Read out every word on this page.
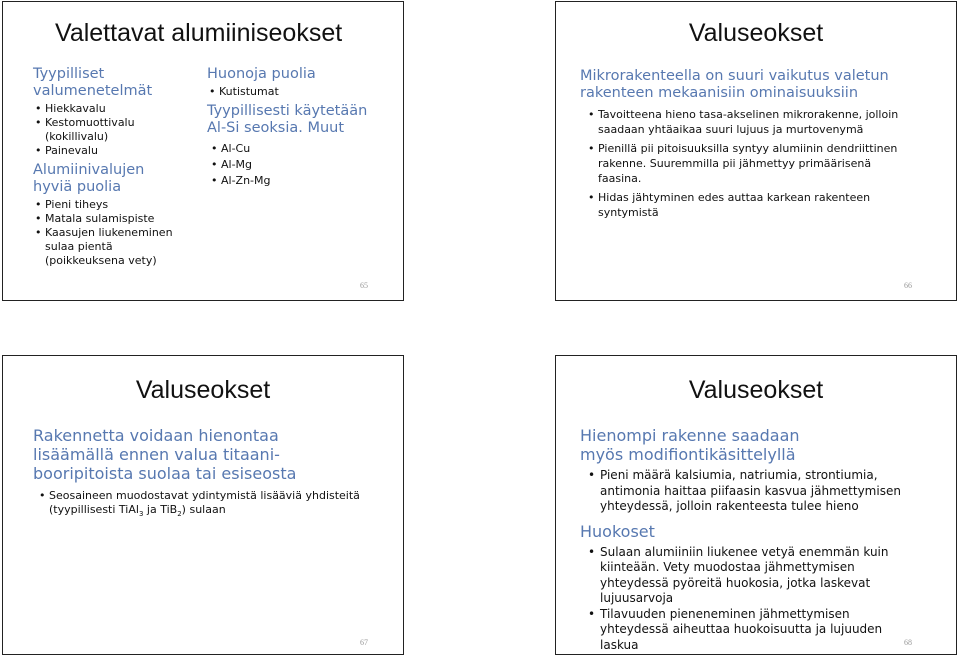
Valettavat alumiiniseokset
Tyypilliset valumenetelmät
• Hiekkavalu
• Kestomuottivalu (kokillivalu)
• Painevalu
Alumiinivalujen hyviä puolia
• Pieni tiheys
• Matala sulamispiste
• Kaasujen liukeneminen sulaa pientä (poikkeuksena vety)
Huonoja puolia
• Kutistumat
Tyypillisesti käytetään Al-Si seoksia. Muut
• Al-Cu
• Al-Mg
• Al-Zn-Mg
65
Valuseokset
Mikrorakenteella on suuri vaikutus valetun rakenteen mekaanisiin ominaisuuksiin
• Tavoitteena hieno tasa-akselinen mikrorakenne, jolloin saadaan yhtäaikaa suuri lujuus ja murtovenymä
• Pienillä pii pitoisuuksilla syntyy alumiinin dendriittinen rakenne. Suuremmilla pii jähmettyy primäärisenä faasina.
• Hidas jähtyminen edes auttaa karkean rakenteen syntymistä
66
Valuseokset
Rakennetta voidaan hienontaa lisäämällä ennen valua titaani-booripitoista suolaa tai esiseosta
• Seosaineen muodostavat ydintymistä lisääviä yhdisteitä (tyypillisesti TiAl$_3$ ja TiB$_2$) sulaan
67
Valuseokset
Hienompi rakenne saadaan myös modifiontikäsittelyllä
• Pieni määrä kalsiumia, natriumia, strontiumia, antimonia haittaa piifaasin kasvua jähmettymisen yhteydessä, jolloin rakenteesta tulee hieno
Huokoset
• Sulaan alumiiniin liukenee vetyä enemmän kuin kiinteään. Vety muodostaa jähmettymisen yhteydessä pyöreitä huokosia, jotka laskevat lujuusarvoja
• Tilavuuden pieneneminen jähmettymisen yhteydessä aiheuttaa huokoisuutta ja lujuuden laskua	68
